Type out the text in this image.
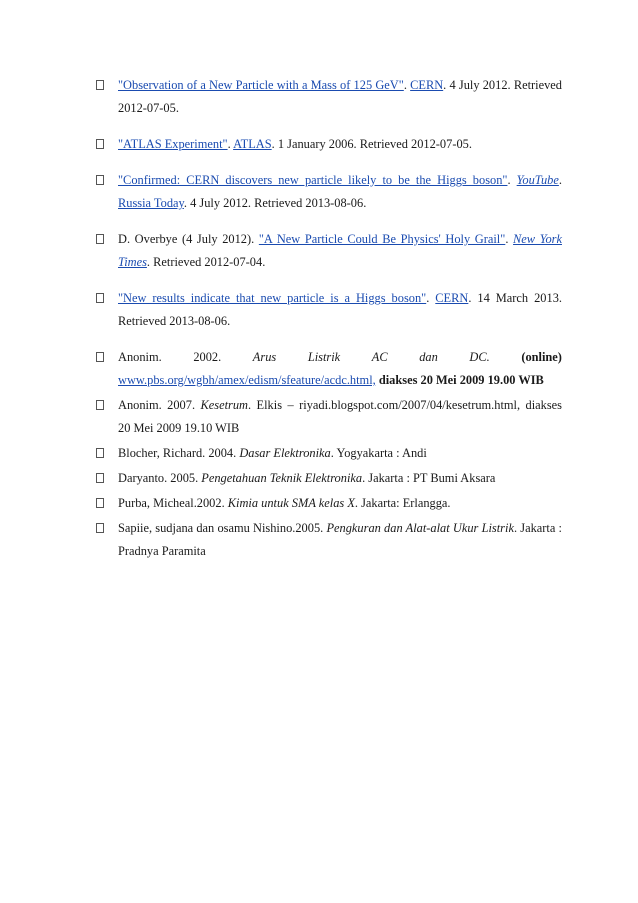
"Observation of a New Particle with a Mass of 125 GeV". CERN. 4 July 2012. Retrieved 2012-07-05.
"ATLAS Experiment". ATLAS. 1 January 2006. Retrieved 2012-07-05.
"Confirmed: CERN discovers new particle likely to be the Higgs boson". YouTube. Russia Today. 4 July 2012. Retrieved 2013-08-06.
D. Overbye (4 July 2012). "A New Particle Could Be Physics' Holy Grail". New York Times. Retrieved 2012-07-04.
"New results indicate that new particle is a Higgs boson". CERN. 14 March 2013. Retrieved 2013-08-06.
Anonim.	2002.	Arus	Listrik	AC	dan	DC.	(online)
www.pbs.org/wgbh/amex/edism/sfeature/acdc.html, diakses 20 Mei 2009 19.00 WIB
Anonim. 2007. Kesetrum. Elkis – riyadi.blogspot.com/2007/04/kesetrum.html, diakses 20 Mei 2009 19.10 WIB
Blocher, Richard. 2004. Dasar Elektronika. Yogyakarta : Andi
Daryanto. 2005. Pengetahuan Teknik Elektronika. Jakarta : PT Bumi Aksara
Purba, Micheal.2002. Kimia untuk SMA kelas X. Jakarta: Erlangga.
Sapiie, sudjana dan osamu Nishino.2005. Pengkuran dan Alat-alat Ukur Listrik. Jakarta : Pradnya Paramita
